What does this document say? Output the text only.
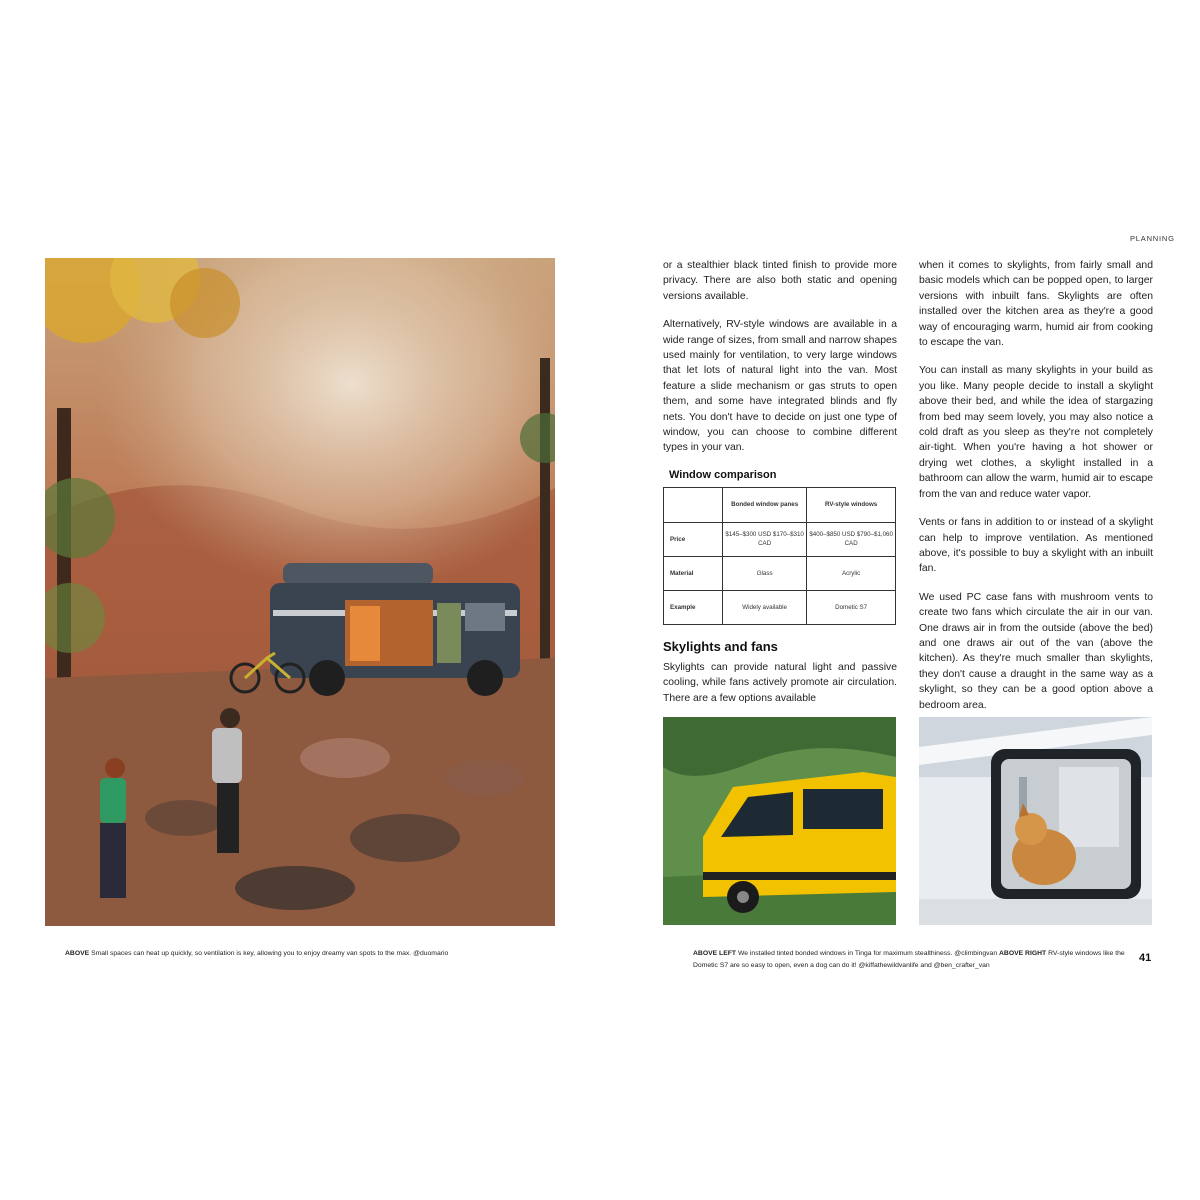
PLANNING
ABOVE Small spaces can heat up quickly, so ventilation is key, allowing you to enjoy dreamy van spots to the max. @duomario

or a stealthier black tinted finish to provide more privacy. There are also both static and opening versions available.

Alternatively, RV-style windows are available in a wide range of sizes, from small and narrow shapes used mainly for ventilation, to very large windows that let lots of natural light into the van. Most feature a slide mechanism or gas struts to open them, and some have integrated blinds and fly nets. You don't have to decide on just one type of window, you can choose to combine different types in your van.

Window comparison
	Bonded window panes	RV-style windows
Price	$145–$300 USD $170–$310 CAD	$400–$850 USD $790–$1,060 CAD
Material	Glass	Acrylic
Example	Widely available	Dometic S7
Skylights and fans

Skylights can provide natural light and passive cooling, while fans actively promote air circulation. There are a few options available

when it comes to skylights, from fairly small and basic models which can be popped open, to larger versions with inbuilt fans. Skylights are often installed over the kitchen area as they're a good way of encouraging warm, humid air from cooking to escape the van.

You can install as many skylights in your build as you like. Many people decide to install a skylight above their bed, and while the idea of stargazing from bed may seem lovely, you may also notice a cold draft as you sleep as they're not completely air-tight. When you're having a hot shower or drying wet clothes, a skylight installed in a bathroom can allow the warm, humid air to escape from the van and reduce water vapor.

Vents or fans in addition to or instead of a skylight can help to improve ventilation. As mentioned above, it's possible to buy a skylight with an inbuilt fan.

We used PC case fans with mushroom vents to create two fans which circulate the air in our van. One draws air in from the outside (above the bed) and one draws air out of the van (above the kitchen). As they're much smaller than skylights, they don't cause a draught in the same way as a skylight, so they can be a good option above a bedroom area.

ABOVE LEFT We installed tinted bonded windows in Tinga for maximum stealthiness. @climbingvan ABOVE RIGHT RV-style windows like the Dometic S7 are so easy to open, even a dog can do it! @kiffathewildvanlife and @ben_crafter_van
41
